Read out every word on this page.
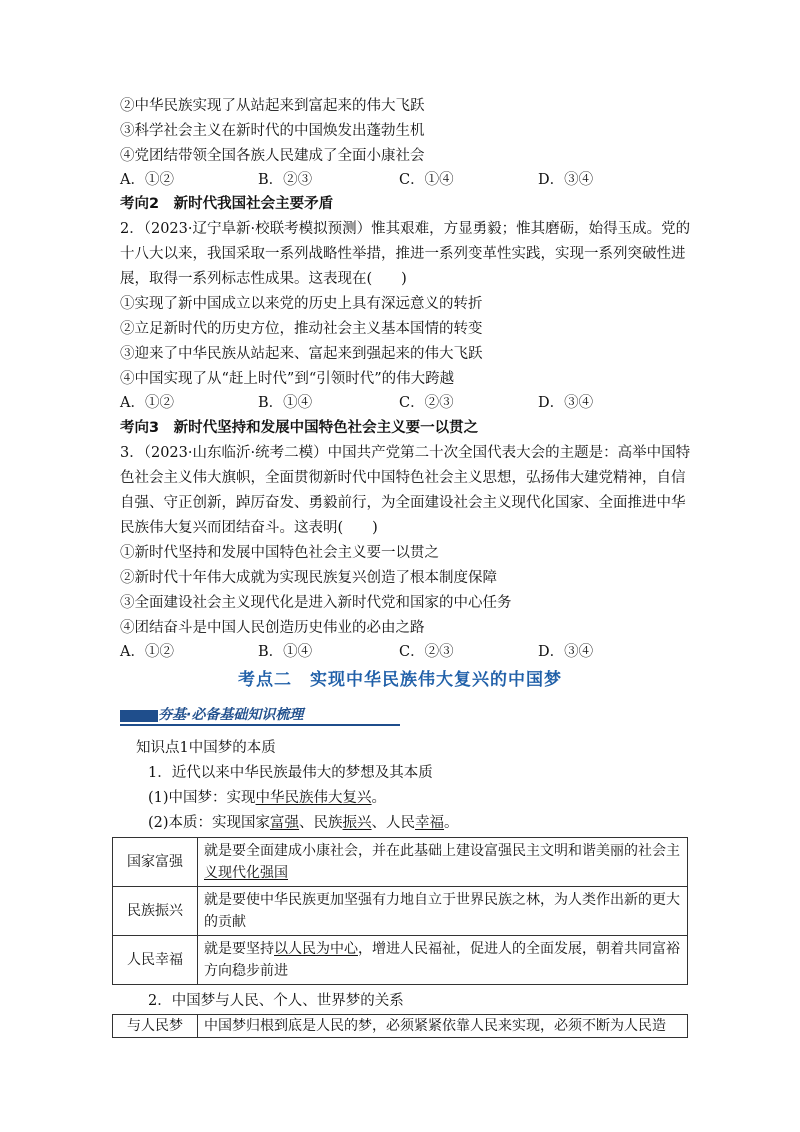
②中华民族实现了从站起来到富起来的伟大飞跃
③科学社会主义在新时代的中国焕发出蓬勃生机
④党团结带领全国各族人民建成了全面小康社会
A．①②	B．②③	C．①④	D．③④
考向2　新时代我国社会主要矛盾
2．（2023·辽宁阜新·校联考模拟预测）惟其艰难，方显勇毅；惟其磨砺，始得玉成。党的
十八大以来，我国采取一系列战略性举措，推进一系列变革性实践，实现一系列突破性进
展，取得一系列标志性成果。这表现在(　　)
①实现了新中国成立以来党的历史上具有深远意义的转折
②立足新时代的历史方位，推动社会主义基本国情的转变
③迎来了中华民族从站起来、富起来到强起来的伟大飞跃
④中国实现了从“赶上时代”到“引领时代”的伟大跨越
A．①②	B．①④	C．②③	D．③④
考向3　新时代坚持和发展中国特色社会主义要一以贯之
3．（2023·山东临沂·统考二模）中国共产党第二十次全国代表大会的主题是：高举中国特
色社会主义伟大旗帜，全面贯彻新时代中国特色社会主义思想，弘扬伟大建党精神，自信
自强、守正创新，踔厉奋发、勇毅前行，为全面建设社会主义现代化国家、全面推进中华
民族伟大复兴而团结奋斗。这表明(　　)
①新时代坚持和发展中国特色社会主义要一以贯之
②新时代十年伟大成就为实现民族复兴创造了根本制度保障
③全面建设社会主义现代化是进入新时代党和国家的中心任务
④团结奋斗是中国人民创造历史伟业的必由之路
A．①②	B．①④	C．②③	D．③④
考点二　实现中华民族伟大复兴的中国梦
夯基·必备基础知识梳理
知识点1中国梦的本质
1．近代以来中华民族最伟大的梦想及其本质
(1)中国梦：实现中华民族伟大复兴。
(2)本质：实现国家富强、民族振兴、人民幸福。
国家富强	就是要全面建成小康社会，并在此基础上建设富强民主文明和谐美丽的社会主
义现代化强国
民族振兴	就是要使中华民族更加坚强有力地自立于世界民族之林，为人类作出新的更大的贡献
人民幸福	就是要坚持以人民为中心，增进人民福祉，促进人的全面发展，朝着共同富裕方向稳步前进
2．中国梦与人民、个人、世界梦的关系
与人民梦	中国梦归根到底是人民的梦，必须紧紧依靠人民来实现，必须不断为人民造
